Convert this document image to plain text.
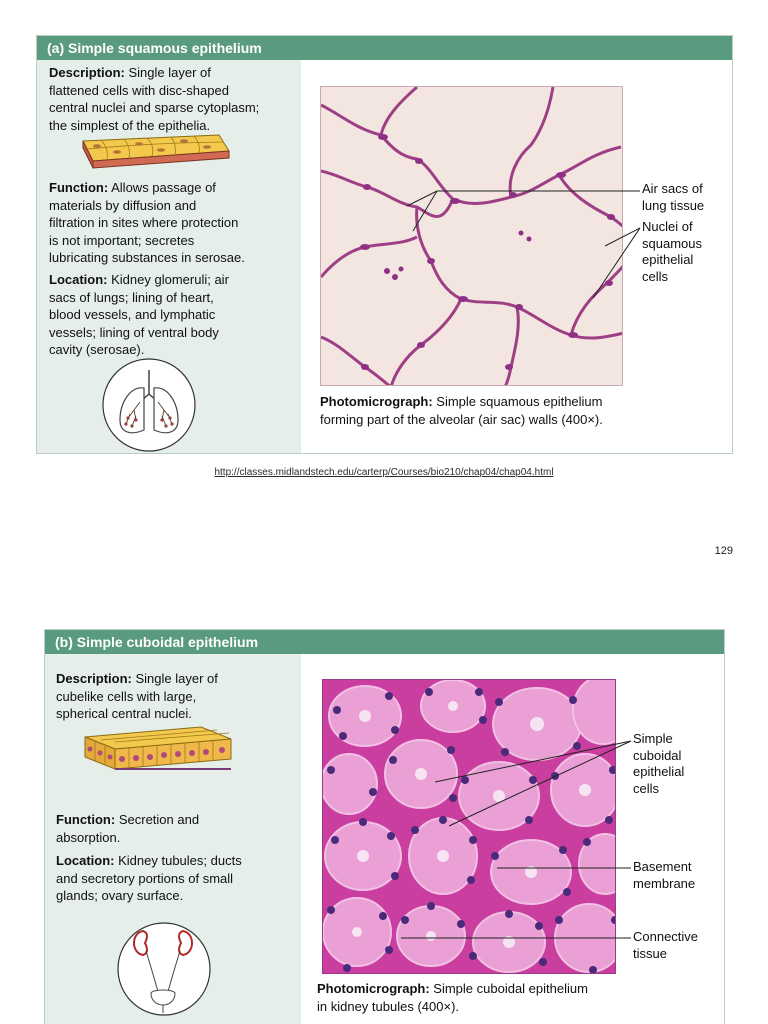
(a) Simple squamous epithelium
Description: Single layer of
flattened cells with disc-shaped
central nuclei and sparse cytoplasm;
the simplest of the epithelia.
Function: Allows passage of
materials by diffusion and
filtration in sites where protection
is not important; secretes
lubricating substances in serosae.
Location: Kidney glomeruli; air
sacs of lungs; lining of heart,
blood vessels, and lymphatic
vessels; lining of ventral body
cavity (serosae).
Air sacs of
lung tissue
Nuclei of
squamous
epithelial
cells
Photomicrograph: Simple squamous epithelium
forming part of the alveolar (air sac) walls (400×).
http://classes.midlandstech.edu/carterp/Courses/bio210/chap04/chap04.html
129
(b) Simple cuboidal epithelium
Description: Single layer of
cubelike cells with large,
spherical central nuclei.
Function: Secretion and
absorption.
Location: Kidney tubules; ducts
and secretory portions of small
glands; ovary surface.
Simple
cuboidal
epithelial
cells
Basement
membrane
Connective
tissue
Photomicrograph: Simple cuboidal epithelium
in kidney tubules (400×).
